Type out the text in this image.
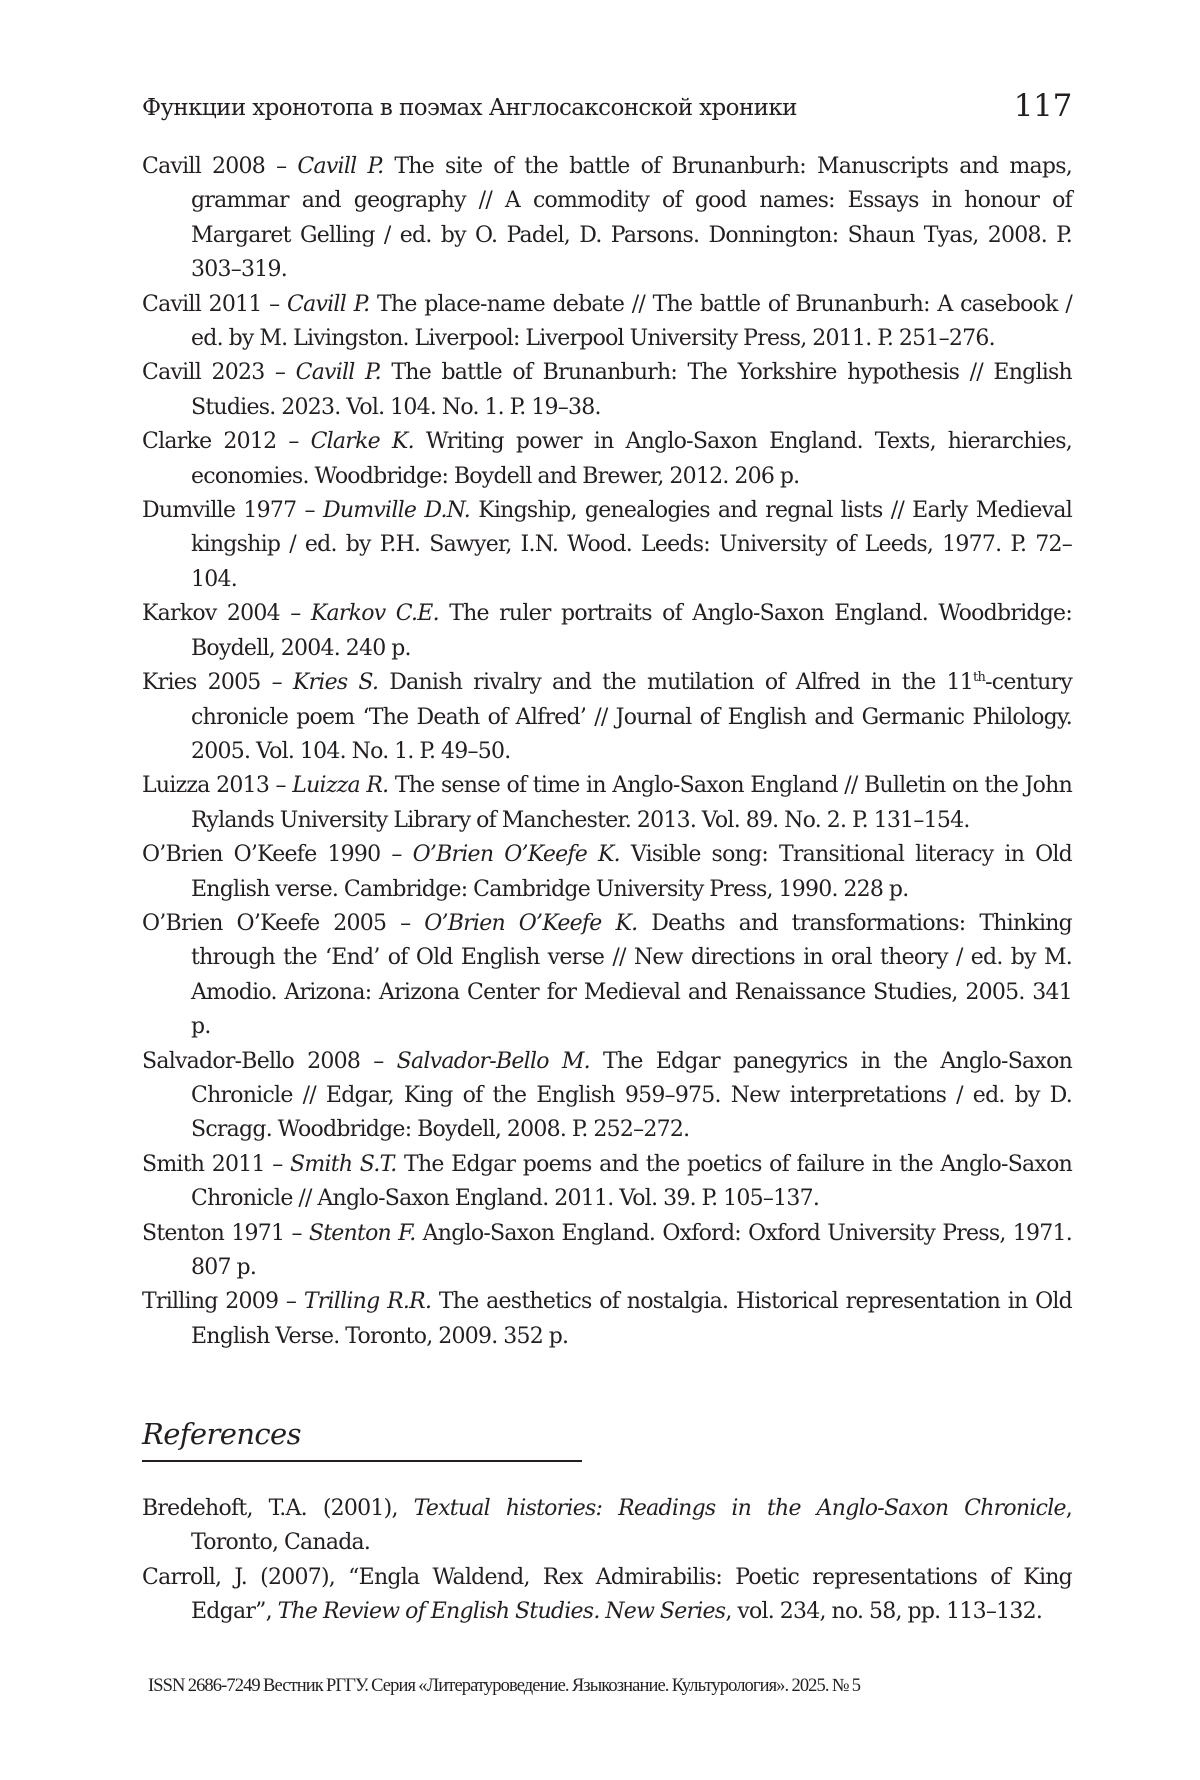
Функции хронотопа в поэмах Англосаксонской хроники	117
Cavill 2008 – Cavill P. The site of the battle of Brunanburh: Manuscripts and maps, grammar and geography // A commodity of good names: Essays in honour of Margaret Gelling / ed. by O. Padel, D. Parsons. Donnington: Shaun Tyas, 2008. P. 303–319.
Cavill 2011 – Cavill P. The place-name debate // The battle of Brunanburh: A casebook / ed. by M. Livingston. Liverpool: Liverpool University Press, 2011. P. 251–276.
Cavill 2023 – Cavill P. The battle of Brunanburh: The Yorkshire hypothesis // English Studies. 2023. Vol. 104. No. 1. P. 19–38.
Clarke 2012 – Clarke K. Writing power in Anglo-Saxon England. Texts, hierarchies, economies. Woodbridge: Boydell and Brewer, 2012. 206 p.
Dumville 1977 – Dumville D.N. Kingship, genealogies and regnal lists // Early Medieval kingship / ed. by P.H. Sawyer, I.N. Wood. Leeds: University of Leeds, 1977. P. 72–104.
Karkov 2004 – Karkov C.E. The ruler portraits of Anglo-Saxon England. Woodbridge: Boydell, 2004. 240 p.
Kries 2005 – Kries S. Danish rivalry and the mutilation of Alfred in the 11th-century chronicle poem ‘The Death of Alfred’ // Journal of English and Germanic Philology. 2005. Vol. 104. No. 1. P. 49–50.
Luizza 2013 – Luizza R. The sense of time in Anglo-Saxon England // Bulletin on the John Rylands University Library of Manchester. 2013. Vol. 89. No. 2. P. 131–154.
O’Brien O’Keefe 1990 – O’Brien O’Keefe K. Visible song: Transitional literacy in Old English verse. Cambridge: Cambridge University Press, 1990. 228 p.
O’Brien O’Keefe 2005 – O’Brien O’Keefe K. Deaths and transformations: Thinking through the ‘End’ of Old English verse // New directions in oral theory / ed. by M. Amodio. Arizona: Arizona Center for Medieval and Renaissance Studies, 2005. 341 p.
Salvador-Bello 2008 – Salvador-Bello M. The Edgar panegyrics in the Anglo-Saxon Chronicle // Edgar, King of the English 959–975. New interpretations / ed. by D. Scragg. Woodbridge: Boydell, 2008. P. 252–272.
Smith 2011 – Smith S.T. The Edgar poems and the poetics of failure in the Anglo-Saxon Chronicle // Anglo-Saxon England. 2011. Vol. 39. P. 105–137.
Stenton 1971 – Stenton F. Anglo-Saxon England. Oxford: Oxford University Press, 1971. 807 p.
Trilling 2009 – Trilling R.R. The aesthetics of nostalgia. Historical representation in Old English Verse. Toronto, 2009. 352 p.
References
Bredehoft, T.A. (2001), Textual histories: Readings in the Anglo-Saxon Chronicle, Toronto, Canada.
Carroll, J. (2007), “Engla Waldend, Rex Admirabilis: Poetic representations of King Edgar”, The Review of English Studies. New Series, vol. 234, no. 58, pp. 113–132.
ISSN 2686-7249 Вестник РГГУ. Серия «Литературоведение. Языкознание. Культурология». 2025. № 5
